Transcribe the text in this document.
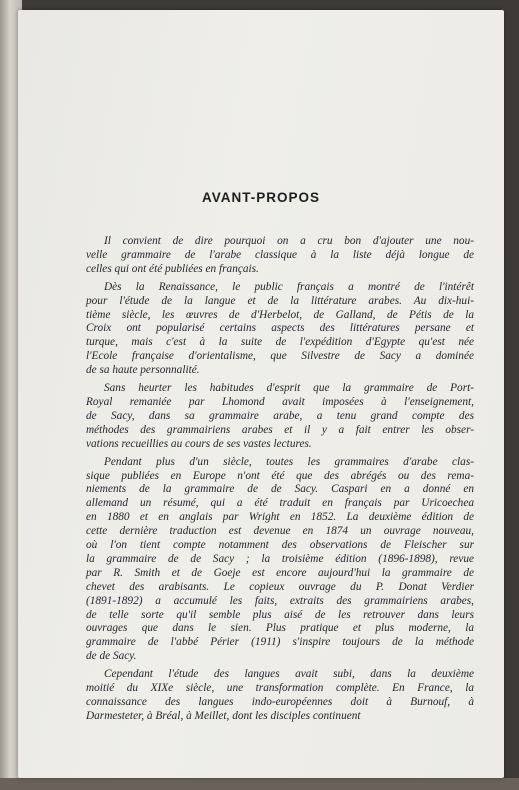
AVANT-PROPOS
Il convient de dire pourquoi on a cru bon d'ajouter une nou-
velle grammaire de l'arabe classique à la liste déjà longue de
celles qui ont été publiées en français.
Dès la Renaissance, le public français a montré de l'intérêt
pour l'étude de la langue et de la littérature arabes. Au dix-hui-
tième siècle, les œuvres de d'Herbelot, de Galland, de Pétis de la
Croix ont popularisé certains aspects des littératures persane et
turque, mais c'est à la suite de l'expédition d'Egypte qu'est née
l'Ecole française d'orientalisme, que Silvestre de Sacy a dominée
de sa haute personnalité.
Sans heurter les habitudes d'esprit que la grammaire de Port-
Royal remaniée par Lhomond avait imposées à l'enseignement,
de Sacy, dans sa grammaire arabe, a tenu grand compte des
méthodes des grammairiens arabes et il y a fait entrer les obser-
vations recueillies au cours de ses vastes lectures.
Pendant plus d'un siècle, toutes les grammaires d'arabe clas-
sique publiées en Europe n'ont été que des abrégés ou des rema-
niements de la grammaire de de Sacy. Caspari en a donné en
allemand un résumé, qui a été traduit en français par Uricoechea
en 1880 et en anglais par Wright en 1852. La deuxième édition de
cette dernière traduction est devenue en 1874 un ouvrage nouveau,
où l'on tient compte notamment des observations de Fleischer sur
la grammaire de de Sacy ; la troisième édition (1896-1898), revue
par R. Smith et de Goeje est encore aujourd'hui la grammaire de
chevet des arabisants. Le copieux ouvrage du P. Donat Verdier
(1891-1892) a accumulé les faits, extraits des grammairiens arabes,
de telle sorte qu'il semble plus aisé de les retrouver dans leurs
ouvrages que dans le sien. Plus pratique et plus moderne, la
grammaire de l'abbé Périer (1911) s'inspire toujours de la méthode
de de Sacy.
Cependant l'étude des langues avait subi, dans la deuxième
moitié du XIXe siècle, une transformation complète. En France, la
connaissance des langues indo-européennes doit à Burnouf, à
Darmesteter, à Bréal, à Meillet, dont les disciples continuent
